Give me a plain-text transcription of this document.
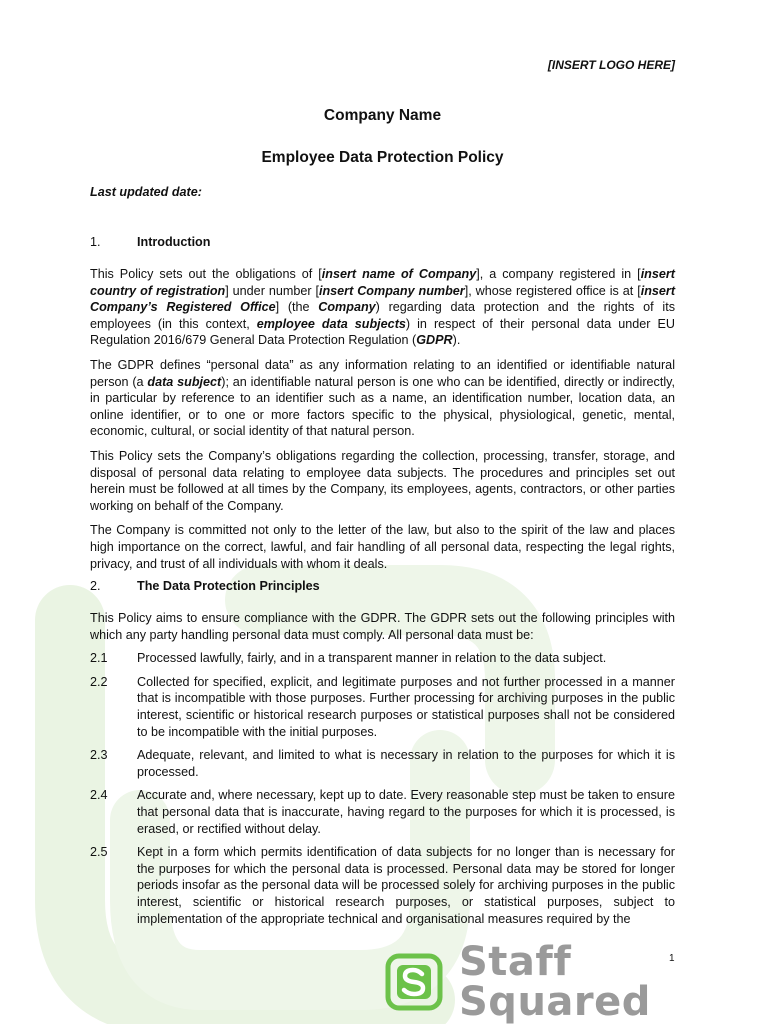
[INSERT LOGO HERE]
Company Name
Employee Data Protection Policy
Last updated date:
1.	Introduction

This Policy sets out the obligations of [insert name of Company], a company registered in [insert country of registration] under number [insert Company number], whose registered office is at [insert Company’s Registered Office] (the Company) regarding data protection and the rights of its employees (in this context, employee data subjects) in respect of their personal data under EU Regulation 2016/679 General Data Protection Regulation (GDPR).

The GDPR defines “personal data” as any information relating to an identified or identifiable natural person (a data subject); an identifiable natural person is one who can be identified, directly or indirectly, in particular by reference to an identifier such as a name, an identification number, location data, an online identifier, or to one or more factors specific to the physical, physiological, genetic, mental, economic, cultural, or social identity of that natural person.

This Policy sets the Company’s obligations regarding the collection, processing, transfer, storage, and disposal of personal data relating to employee data subjects. The procedures and principles set out herein must be followed at all times by the Company, its employees, agents, contractors, or other parties working on behalf of the Company.

The Company is committed not only to the letter of the law, but also to the spirit of the law and places high importance on the correct, lawful, and fair handling of all personal data, respecting the legal rights, privacy, and trust of all individuals with whom it deals.

2.	The Data Protection Principles

This Policy aims to ensure compliance with the GDPR. The GDPR sets out the following principles with which any party handling personal data must comply. All personal data must be:

2.1	Processed lawfully, fairly, and in a transparent manner in relation to the data subject.
2.2	Collected for specified, explicit, and legitimate purposes and not further processed in a manner that is incompatible with those purposes. Further processing for archiving purposes in the public interest, scientific or historical research purposes or statistical purposes shall not be considered to be incompatible with the initial purposes.
2.3	Adequate, relevant, and limited to what is necessary in relation to the purposes for which it is processed.
2.4	Accurate and, where necessary, kept up to date. Every reasonable step must be taken to ensure that personal data that is inaccurate, having regard to the purposes for which it is processed, is erased, or rectified without delay.
2.5	Kept in a form which permits identification of data subjects for no longer than is necessary for the purposes for which the personal data is processed. Personal data may be stored for longer periods insofar as the personal data will be processed solely for archiving purposes in the public interest, scientific or historical research purposes, or statistical purposes, subject to implementation of the appropriate technical and organisational measures required by the
1
Staff Squared
